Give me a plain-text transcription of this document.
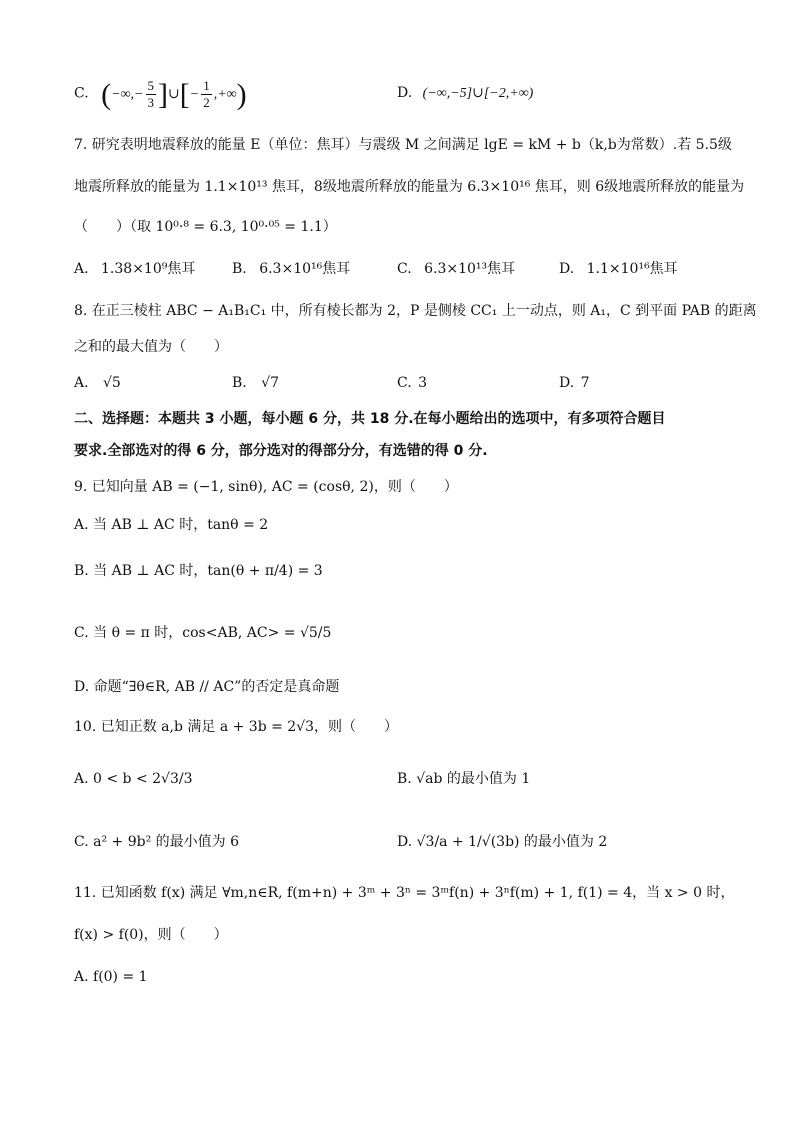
C. (−∞,− $\frac{5}{3}$ ]∪[− $\frac{1}{2}$ ,+∞)	D. (−∞,−5]∪[−2,+∞)
7. 研究表明地震释放的能量 E（单位：焦耳）与震级 M 之间满足 lgE = kM + b（k,b为常数）.若 5.5级
地震所释放的能量为 1.1×10¹³ 焦耳，8级地震所释放的能量为 6.3×10¹⁶ 焦耳，则 6级地震所释放的能量为
（　　）（取 10⁰·⁸ = 6.3, 10⁰·⁰⁵ = 1.1）
A. 1.38×10⁹焦耳	B. 6.3×10¹⁶焦耳	C. 6.3×10¹³焦耳	D. 1.1×10¹⁶焦耳
8. 在正三棱柱 ABC − A₁B₁C₁ 中，所有棱长都为 2，P 是侧棱 CC₁ 上一动点，则 A₁，C 到平面 PAB 的距离
之和的最大值为（　　）
A. √5	B. √7	C. 3	D. 7
二、选择题：本题共 3 小题，每小题 6 分，共 18 分.在每小题给出的选项中，有多项符合题目
要求.全部选对的得 6 分，部分选对的得部分分，有选错的得 0 分.
9. 已知向量 AB = (−1, sinθ), AC = (cosθ, 2)，则（　　）
A. 当 AB ⊥ AC 时，tanθ = 2
B. 当 AB ⊥ AC 时，tan(θ + π/4) = 3
C. 当 θ = π 时，cos<AB, AC> = √5/5
D. 命题“∃θ∈R, AB // AC”的否定是真命题
10. 已知正数 a,b 满足 a + 3b = 2√3，则（　　）
A. 0 < b < 2√3/3	B. √ab 的最小值为 1
C. a² + 9b² 的最小值为 6	D. √3/a + 1/√(3b) 的最小值为 2
11. 已知函数 f(x) 满足 ∀m,n∈R, f(m+n) + 3ᵐ + 3ⁿ = 3ᵐf(n) + 3ⁿf(m) + 1, f(1) = 4，当 x > 0 时，
f(x) > f(0)，则（　　）
A. f(0) = 1
